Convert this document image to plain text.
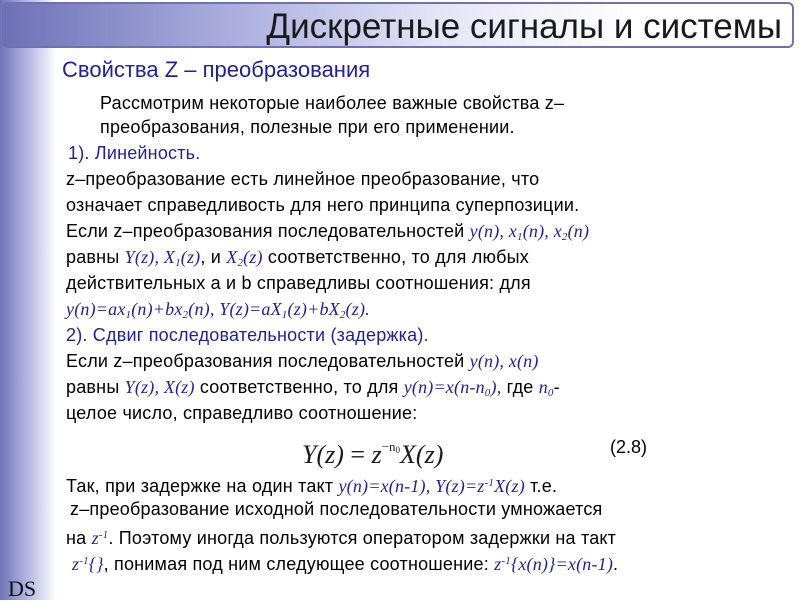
Дискретные сигналы и системы
Свойства Z – преобразования
Рассмотрим некоторые наиболее важные свойства z–
преобразования, полезные при его применении.
1). Линейность.
z–преобразование есть линейное преобразование, что
означает справедливость для него принципа суперпозиции.
Если z–преобразования последовательностей y(n), $x_1(n)$, $x_2(n)$
равны Y(z), $X_1(z)$, и $X_2(z)$ соответственно, то для любых
действительных a и b справедливы соотношения: для
$y(n)=ax_1(n)+bx_2(n)$, $Y(z)=aX_1(z)+bX_2(z)$.
2). Сдвиг последовательности (задержка).
Если z–преобразования последовательностей y(n), x(n)
равны Y(z), X(z) соответственно, то для $y(n)=x(n-n_0)$, где $n_0-$
целое число, справедливо соотношение:
$Y(z) = z^{-n_0}X(z)$	(2.8)
Так, при задержке на один такт y(n)=x(n-1), $Y(z)=z^{-1}X(z)$ т.е.
z–преобразование исходной последовательности умножается
на $z^{-1}$. Поэтому иногда пользуются оператором задержки на такт
$z^{-1}\{\}$, понимая под ним следующее соотношение: $z^{-1}\{x(n)\}=x(n-1)$.
DS
